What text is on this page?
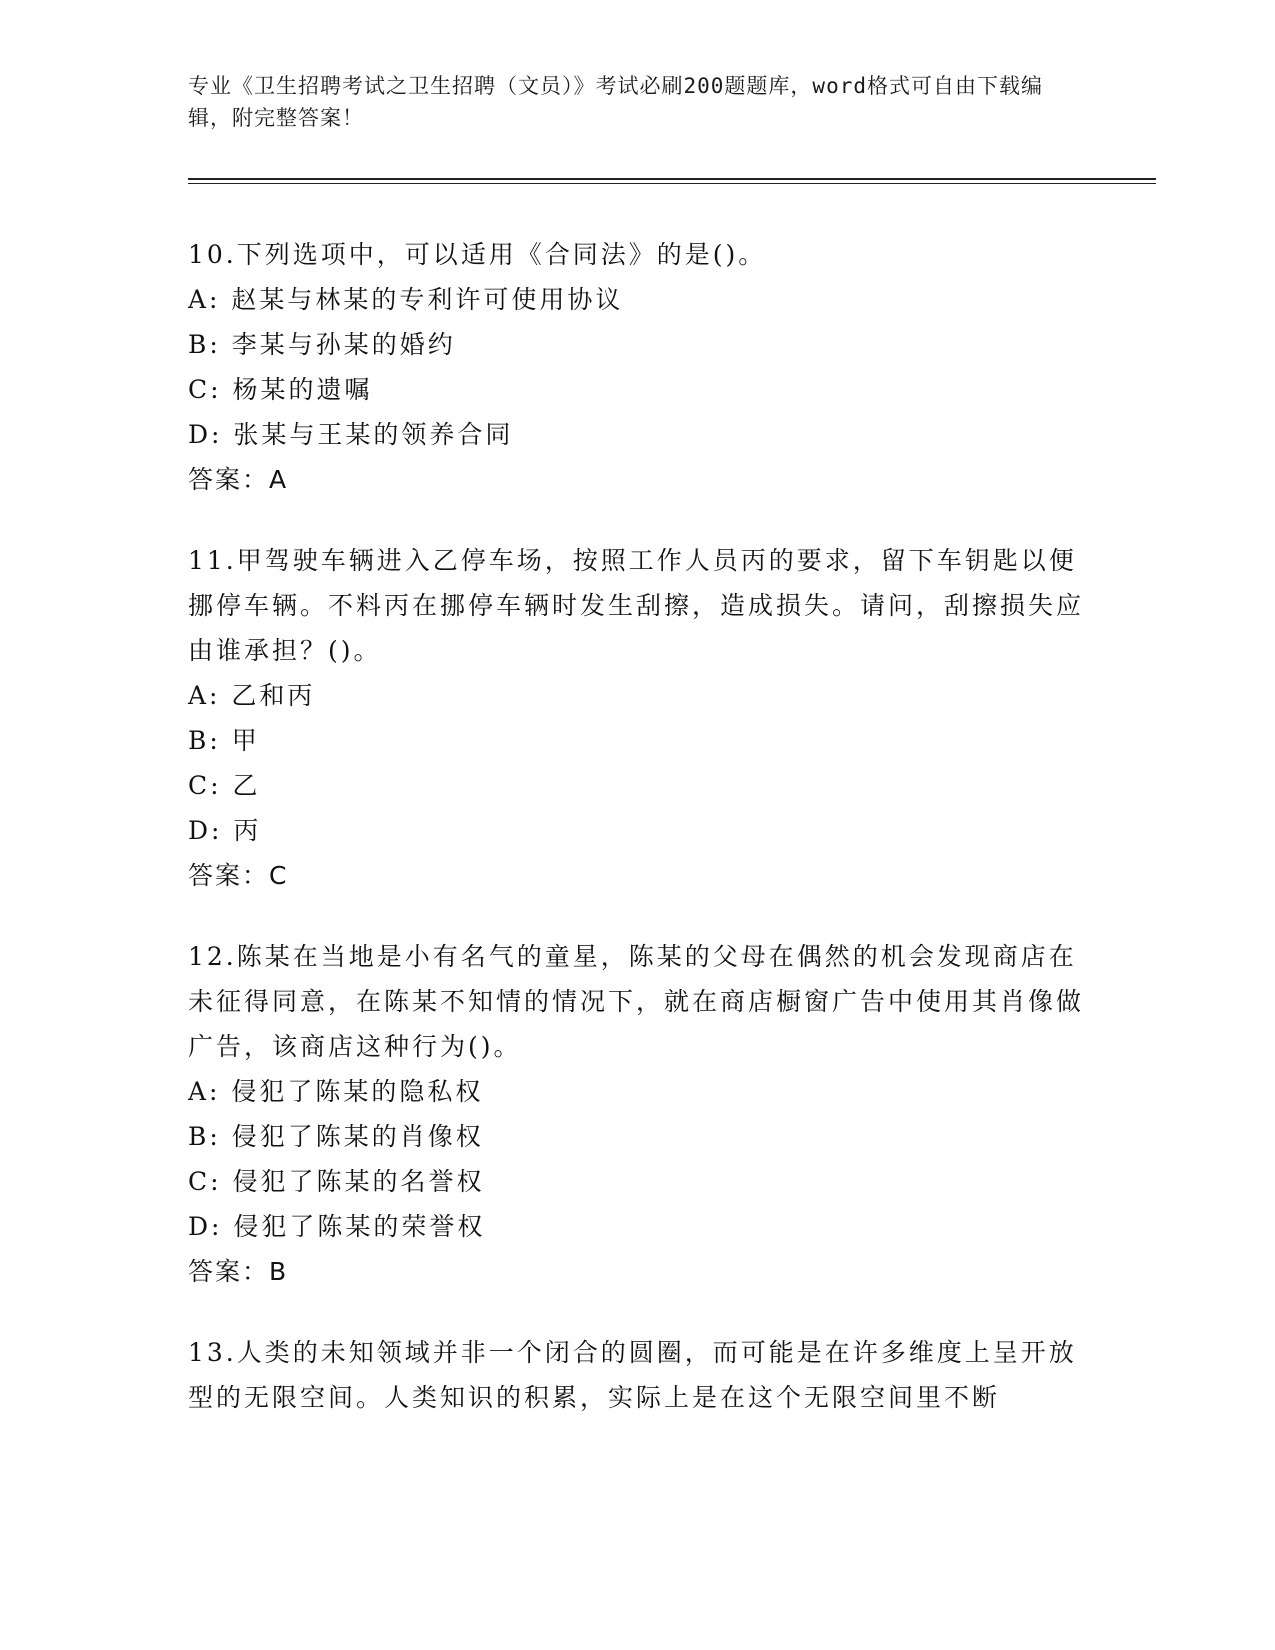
专业《卫生招聘考试之卫生招聘（文员）》考试必刷200题题库，word格式可自由下载编辑，附完整答案！

10.下列选项中，可以适用《合同法》的是()。

A: 赵某与林某的专利许可使用协议

B: 李某与孙某的婚约

C: 杨某的遗嘱

D: 张某与王某的领养合同

答案：A

11.甲驾驶车辆进入乙停车场，按照工作人员丙的要求，留下车钥匙以便挪停车辆。不料丙在挪停车辆时发生刮擦，造成损失。请问，刮擦损失应由谁承担？()。

A: 乙和丙

B: 甲

C: 乙

D: 丙

答案：C

12.陈某在当地是小有名气的童星，陈某的父母在偶然的机会发现商店在未征得同意，在陈某不知情的情况下，就在商店橱窗广告中使用其肖像做广告，该商店这种行为()。

A: 侵犯了陈某的隐私权

B: 侵犯了陈某的肖像权

C: 侵犯了陈某的名誉权

D: 侵犯了陈某的荣誉权

答案：B

13.人类的未知领域并非一个闭合的圆圈，而可能是在许多维度上呈开放型的无限空间。人类知识的积累，实际上是在这个无限空间里不断
